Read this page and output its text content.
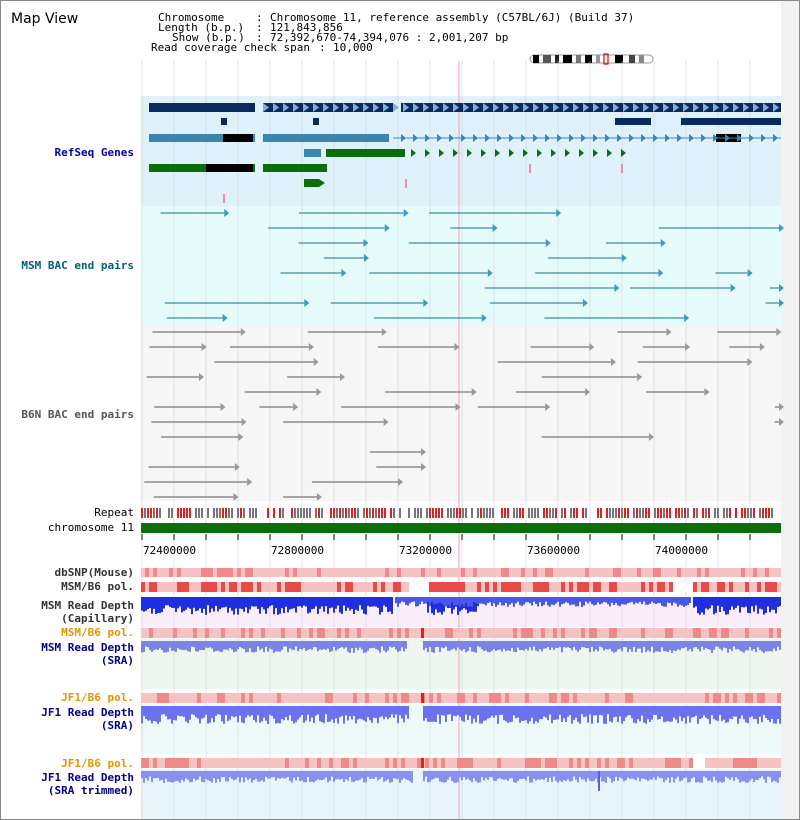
Map View	Chromosome	: Chromosome 11, reference assembly (C57BL/6J) (Build 37)
Length (b.p.) : 121,843,856
Show (b.p.) : 72,392,670-74,394,076 : 2,001,207 bp
Read coverage check span : 10,000
RefSeq Genes
MSM BAC end pairs
B6N BAC end pairs
Repeat
chromosome 11
dbSNP(Mouse)
MSM/B6 pol.
MSM Read Depth
(Capillary)
MSM/B6 pol.
MSM Read Depth
(SRA)
JF1/B6 pol.
JF1 Read Depth
(SRA)
JF1/B6 pol.
JF1 Read Depth
(SRA trimmed)
72400000	72800000	73200000	73600000	74000000
